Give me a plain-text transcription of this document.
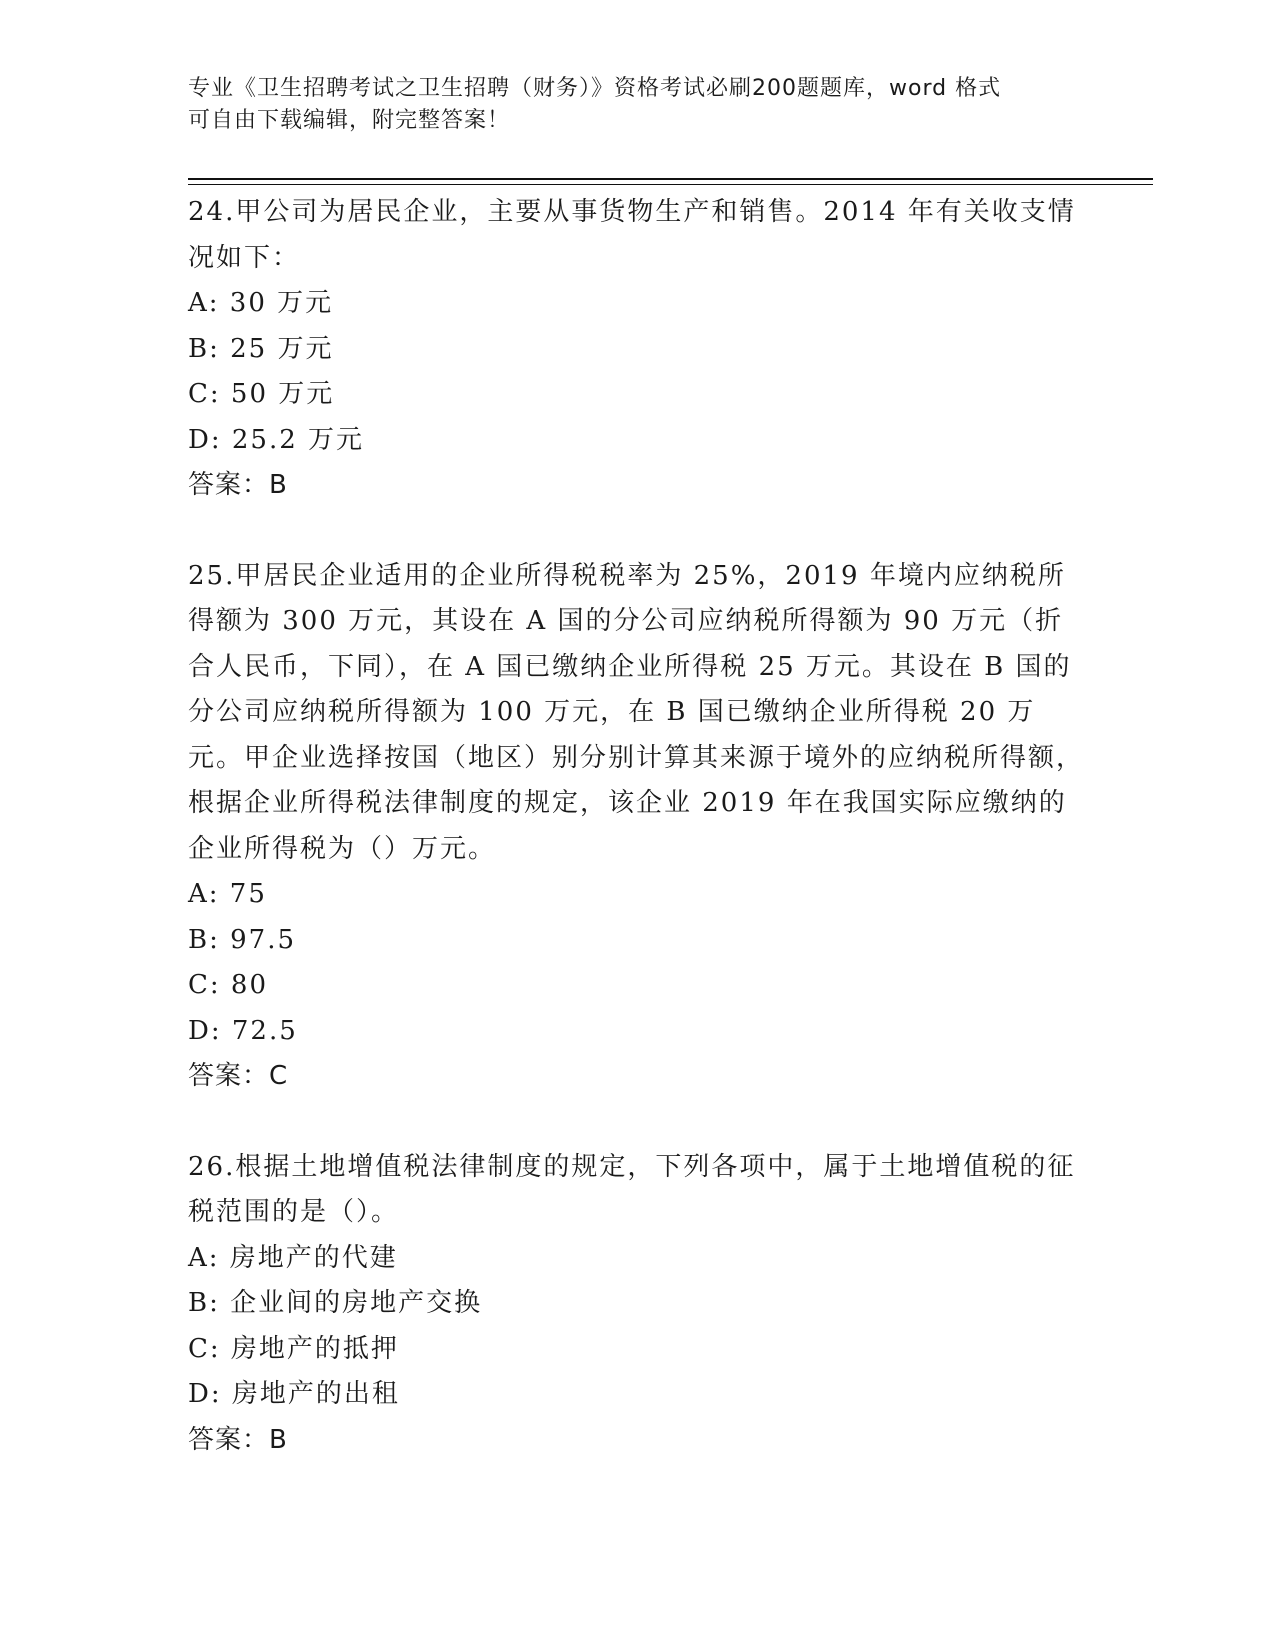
专业《卫生招聘考试之卫生招聘（财务）》资格考试必刷200题题库，word 格式
可自由下载编辑，附完整答案！

24.甲公司为居民企业，主要从事货物生产和销售。2014 年有关收支情况如下：

A: 30 万元

B: 25 万元

C: 50 万元

D: 25.2 万元

答案：B

25.甲居民企业适用的企业所得税税率为 25%，2019 年境内应纳税所得额为 300 万元，其设在 A 国的分公司应纳税所得额为 90 万元（折合人民币，下同），在 A 国已缴纳企业所得税 25 万元。其设在 B 国的分公司应纳税所得额为 100 万元，在 B 国已缴纳企业所得税 20 万元。甲企业选择按国（地区）别分别计算其来源于境外的应纳税所得额，根据企业所得税法律制度的规定，该企业 2019 年在我国实际应缴纳的企业所得税为（）万元。

A: 75

B: 97.5

C: 80

D: 72.5

答案：C

26.根据土地增值税法律制度的规定，下列各项中，属于土地增值税的征税范围的是（）。

A: 房地产的代建

B: 企业间的房地产交换

C: 房地产的抵押

D: 房地产的出租

答案：B
